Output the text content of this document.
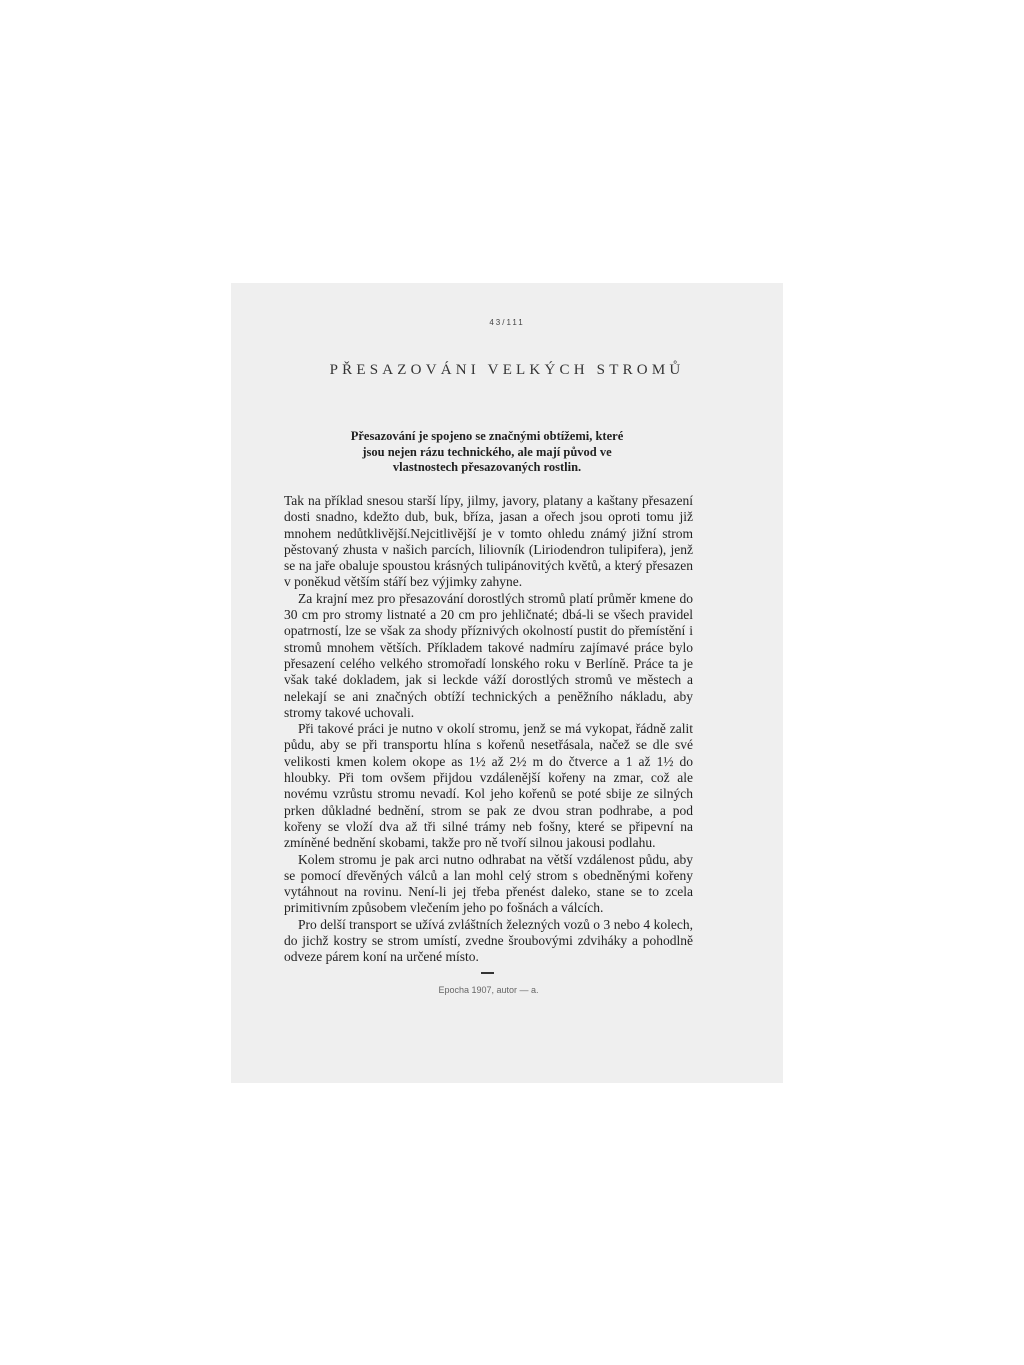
43/111
PŘESAZOVÁNI VELKÝCH STROMŮ
Přesazování je spojeno se značnými obtížemi, které jsou nejen rázu technického, ale mají původ ve vlastnostech přesazovaných rostlin.

Tak na příklad snesou starší lípy, jilmy, javory, platany a kaštany přesazení dosti snadno, kdežto dub, buk, bříza, jasan a ořech jsou oproti tomu již mnohem nedůtklivější.Nejcitlivější je v tomto ohledu známý jižní strom pěstovaný zhusta v našich parcích, liliovník (Liriodendron tulipifera), jenž se na jaře obaluje spoustou krásných tulipánovitých květů, a který přesazen v poněkud větším stáří bez výjimky zahyne.

Za krajní mez pro přesazování dorostlých stromů platí průměr kmene do 30 cm pro stromy listnaté a 20 cm pro jehličnaté; dbá-li se všech pravidel opatrností, lze se však za shody příznivých okolností pustit do přemístění i stromů mnohem větších. Příkladem takové nadmíru zajímavé práce bylo přesazení celého velkého stromořadí lonského roku v Berlíně. Práce ta je však také dokladem, jak si leckde váží dorostlých stromů ve městech a nelekají se ani značných obtíží technických a peněžního nákladu, aby stromy takové uchovali.

Při takové práci je nutno v okolí stromu, jenž se má vykopat, řádně zalit půdu, aby se při transportu hlína s kořenů nesetřásala, načež se dle své velikosti kmen kolem okope as 1½ až 2½ m do čtverce a 1 až 1½ do hloubky. Při tom ovšem přijdou vzdálenější kořeny na zmar, což ale novému vzrůstu stromu nevadí. Kol jeho kořenů se poté sbije ze silných prken důkladné bednění, strom se pak ze dvou stran podhrabe, a pod kořeny se vloží dva až tři silné trámy neb fošny, které se připevní na zmíněné bednění skobami, takže pro ně tvoří silnou jakousi podlahu.

Kolem stromu je pak arci nutno odhrabat na větší vzdálenost půdu, aby se pomocí dřevěných válců a lan mohl celý strom s obedněnými kořeny vytáhnout na rovinu. Není-li jej třeba přenést daleko, stane se to zcela primitivním způsobem vlečením jeho po fošnách a válcích.

Pro delší transport se užívá zvláštních železných vozů o 3 nebo 4 kolech, do jichž kostry se strom umístí, zvedne šroubovými zdviháky a pohodlně odveze párem koní na určené místo.

Epocha 1907, autor — a.
